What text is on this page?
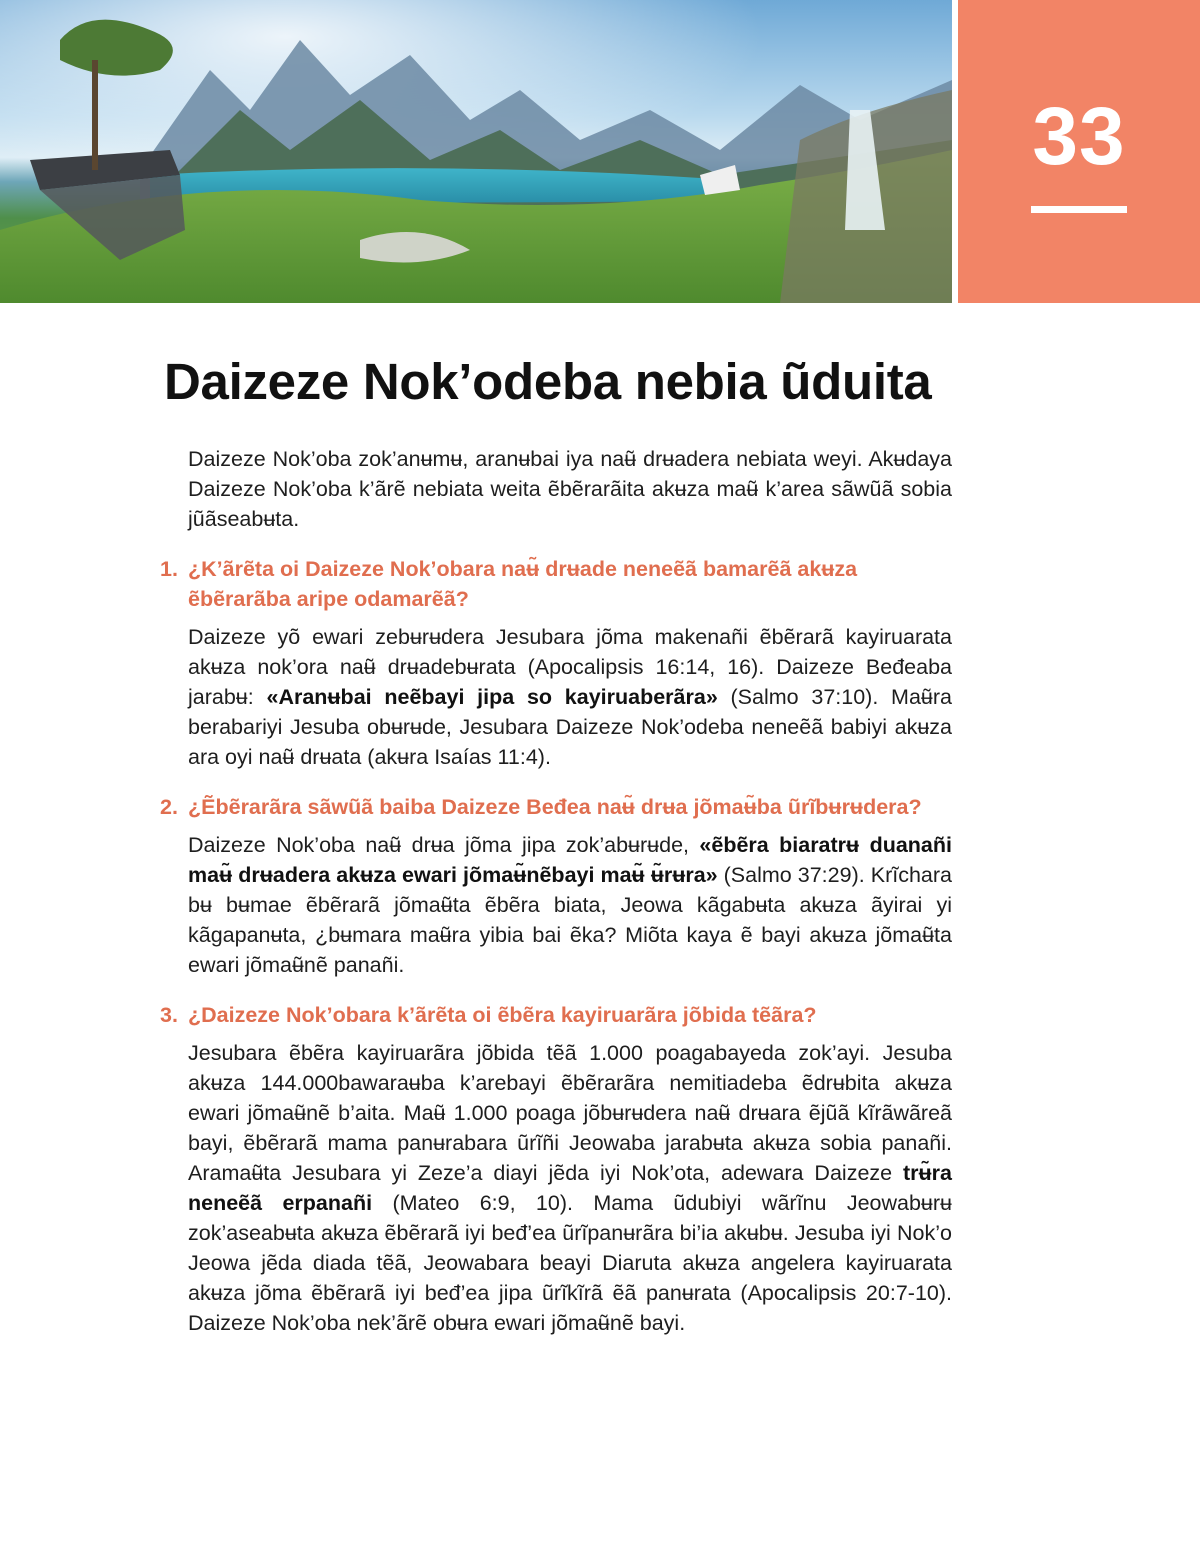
33
Daizeze Nok’odeba nebia ũduita

Daizeze Nok’oba zok’anʉmʉ, aranʉbai iya naʉ̃ drʉadera nebiata weyi. Akʉdaya Daizeze Nok’oba k’ãrẽ nebiata weita ẽbẽrarãita akʉza maʉ̃ k’area sãwũã sobia jũãseabʉta.

1. ¿K’ãrẽta oi Daizeze Nok’obara naʉ̃ drʉade neneẽã bamarẽã akʉza ẽbẽrarãba aripe odamarẽã?

Daizeze yõ ewari zebʉrʉdera Jesubara jõma makenañi ẽbẽrarã kayiruarata akʉza nok’ora naʉ̃ drʉadebʉrata (Apocalipsis 16:14, 16). Daizeze Beđeaba jarabʉ: «Aranʉbai neẽbayi jipa so kayiruaberãra» (Salmo 37:10). Maʉ̃ra berabariyi Jesuba obʉrʉde, Jesubara Daizeze Nok’odeba neneẽã babiyi akʉza ara oyi naʉ̃ drʉata (akʉra Isaías 11:4).

2. ¿Ẽbẽrarãra sãwũã baiba Daizeze Beđea naʉ̃ drʉa jõmaʉ̃ba ũrĩbʉrʉdera?

Daizeze Nok’oba naʉ̃ drʉa jõma jipa zok’abʉrʉde, «ẽbẽra biaratrʉ duanañi maʉ̃ drʉadera akʉza ewari jõmaʉ̃nẽbayi maʉ̃ ʉ̃rʉra» (Salmo 37:29). Krĩchara bʉ bʉmae ẽbẽrarã jõmaʉ̃ta ẽbẽra biata, Jeowa kãgabʉta akʉza ãyirai yi kãgapanʉta, ¿bʉmara maʉ̃ra yibia bai ẽka? Miõta kaya ẽ bayi akʉza jõmaʉ̃ta ewari jõmaʉ̃nẽ panañi.

3. ¿Daizeze Nok’obara k’ãrẽta oi ẽbẽra kayiruarãra jõbida tẽãra?

Jesubara ẽbẽra kayiruarãra jõbida tẽã 1.000 poagabayeda zok’ayi. Jesuba akʉza 144.000bawaraʉba k’arebayi ẽbẽrarãra nemitiadeba ẽdrʉbita akʉza ewari jõmaʉ̃nẽ b’aita. Maʉ̃ 1.000 poaga jõbʉrʉdera naʉ̃ drʉara ẽjũã kĩrãwãreã bayi, ẽbẽrarã mama panʉrabara ũrĩñi Jeowaba jarabʉta akʉza sobia panañi. Aramaʉ̃ta Jesubara yi Zeze’a diayi jẽda iyi Nok’ota, adewara Daizeze trʉ̃ra neneẽã erpanañi (Mateo 6:9, 10). Mama ũdubiyi wãrĩnu Jeowabʉrʉ zok’aseabʉta akʉza ẽbẽrarã iyi beđ’ea ũrĩpanʉrãra bi’ia akʉbʉ. Jesuba iyi Nok’o Jeowa jẽda diada tẽã, Jeowabara beayi Diaruta akʉza angelera kayiruarata akʉza jõma ẽbẽrarã iyi beđ’ea jipa ũrĩkĩrã ẽã panʉrata (Apocalipsis 20:7-10). Daizeze Nok’oba nek’ãrẽ obʉra ewari jõmaʉ̃nẽ bayi.
